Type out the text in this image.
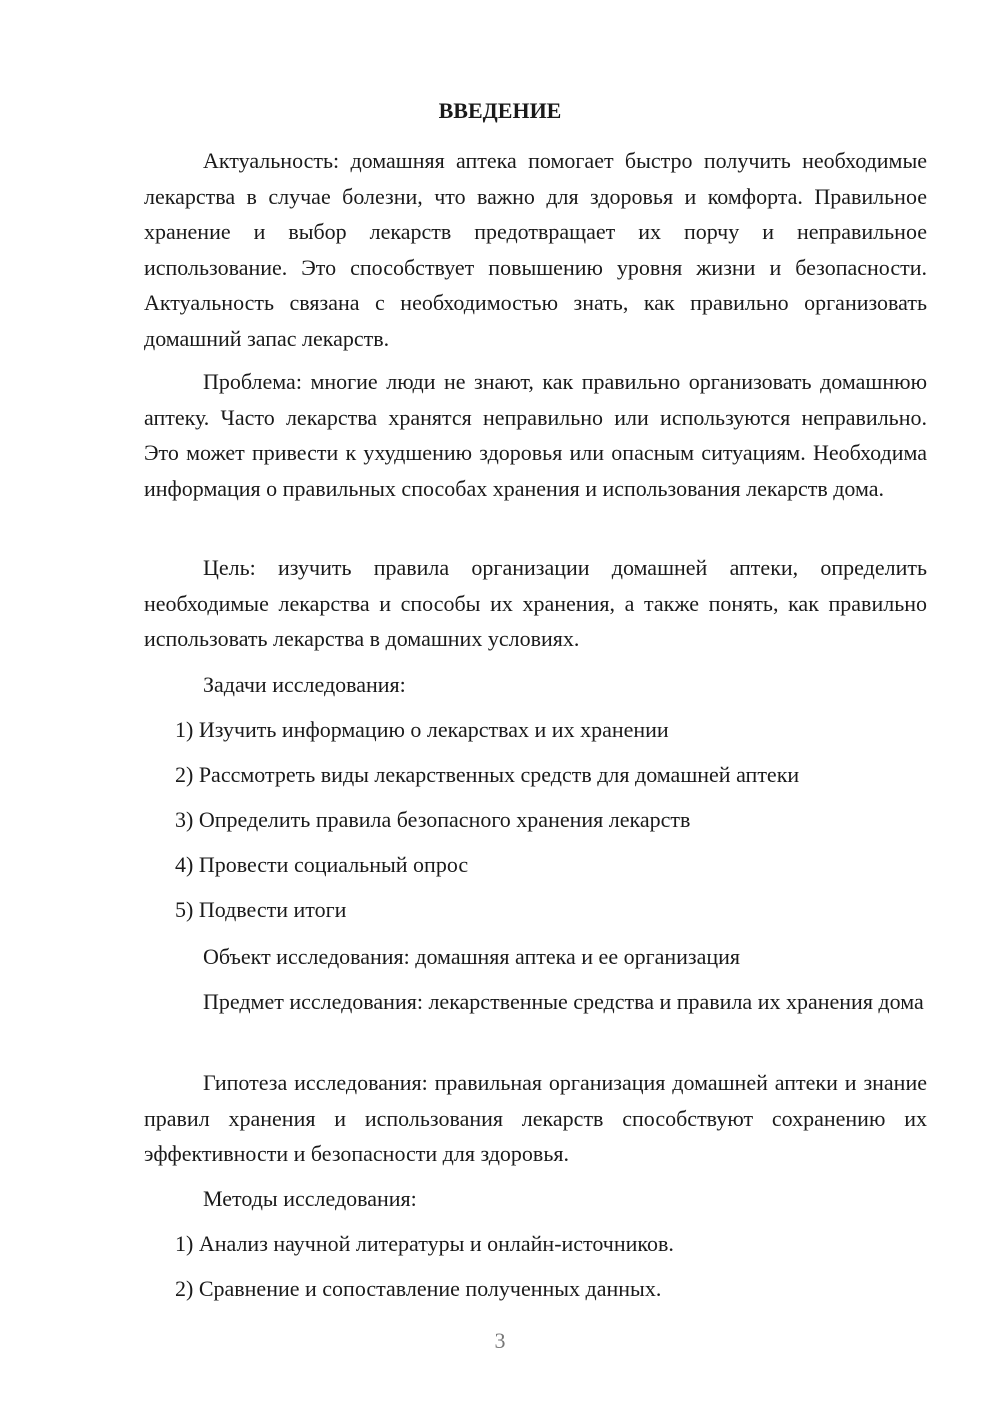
ВВЕДЕНИЕ

Актуальность: домашняя аптека помогает быстро получить необходимые лекарства в случае болезни, что важно для здоровья и комфорта. Правильное хранение и выбор лекарств предотвращает их порчу и неправильное использование. Это способствует повышению уровня жизни и безопасности. Актуальность связана с необходимостью знать, как правильно организовать домашний запас лекарств.

Проблема: многие люди не знают, как правильно организовать домашнюю аптеку. Часто лекарства хранятся неправильно или используются неправильно. Это может привести к ухудшению здоровья или опасным ситуациям. Необходима информация о правильных способах хранения и использования лекарств дома.

Цель: изучить правила организации домашней аптеки, определить необходимые лекарства и способы их хранения, а также понять, как правильно использовать лекарства в домашних условиях.

Задачи исследования:

1) Изучить информацию о лекарствах и их хранении

2) Рассмотреть виды лекарственных средств для домашней аптеки

3) Определить правила безопасного хранения лекарств

4) Провести социальный опрос

5) Подвести итоги

Объект исследования: домашняя аптека и ее организация

Предмет исследования: лекарственные средства и правила их хранения дома

Гипотеза исследования: правильная организация домашней аптеки и знание правил хранения и использования лекарств способствуют сохранению их эффективности и безопасности для здоровья.

Методы исследования:

1) Анализ научной литературы и онлайн-источников.

2) Сравнение и сопоставление полученных данных.

3
